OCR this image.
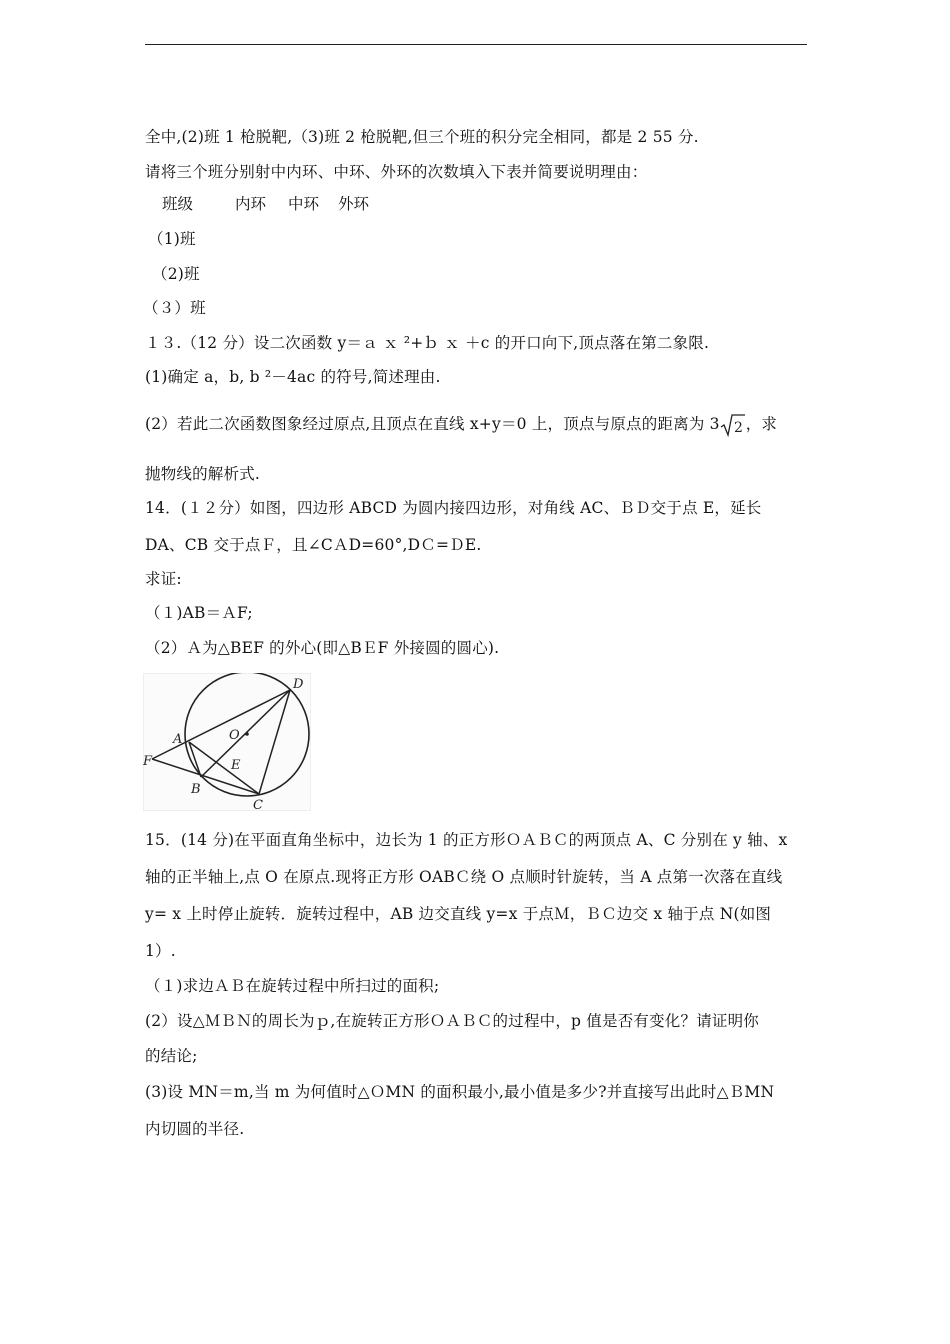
全中,(2)班 1 枪脱靶,（3)班 2 枪脱靶,但三个班的积分完全相同，都是 2 55 分.
请将三个班分别射中内环、中环、外环的次数填入下表并简要说明理由：
班级	内环 中环 外环
（1)班
（2)班
（３）班
１３.（12 分）设二次函数 y＝ａ ｘ ²+ｂ ｘ ＋c 的开口向下,顶点落在第二象限.
(1)确定 a，b, b ²－4ac 的符号,简述理由.
(2）若此二次函数图象经过原点,且顶点在直线 x+y＝0 上，顶点与原点的距离为 3 2 ，求
抛物线的解析式.
14．(１２分）如图，四边形 ABCD 为圆内接四边形，对角线 AC、ＢＤ交于点 E，延长
DA、CB 交于点Ｆ，且∠CＡD=60°,DＣ=ＤE.
求证:
（１)AB＝ＡF;
（2）Ａ为△BEF 的外心(即△BＥF 外接圆的圆心).
D
O
A
F	E
B
C
15．(14 分)在平面直角坐标中，边长为 1 的正方形ＯＡＢＣ的两顶点 A、C 分别在 y 轴、x
轴的正半轴上,点 O 在原点.现将正方形 OABＣ绕 O 点顺时针旋转，当 A 点第一次落在直线
y= x 上时停止旋转．旋转过程中，AB 边交直线 y=x 于点Ｍ，ＢＣ边交 x 轴于点 N(如图
1）.
（１)求边ＡＢ在旋转过程中所扫过的面积;
(2）设△ＭＢＮ的周长为ｐ,在旋转正方形ＯＡＢＣ的过程中，p 值是否有变化？请证明你
的结论;
(3)设 MN＝m,当 m 为何值时△ＯMN 的面积最小,最小值是多少?并直接写出此时△ＢMN
内切圆的半径.
